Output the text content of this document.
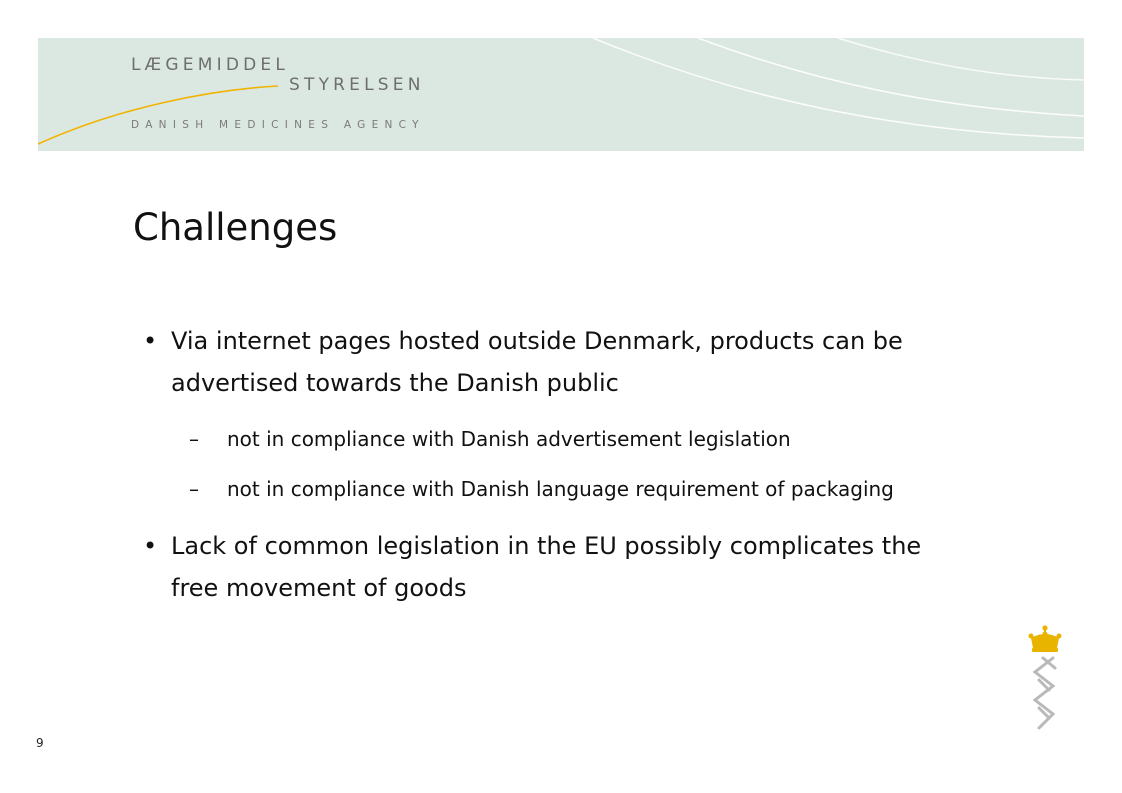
LÆGEMIDDEL
STYRELSEN
DANISH MEDICINES AGENCY
Challenges
• Via internet pages hosted outside Denmark, products can be advertised towards the Danish public
– not in compliance with Danish advertisement legislation
– not in compliance with Danish language requirement of packaging
• Lack of common legislation in the EU possibly complicates the free movement of goods
9
